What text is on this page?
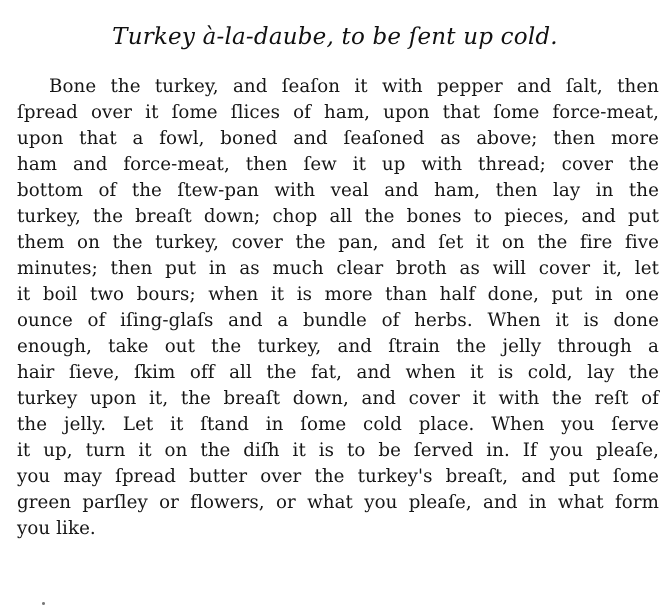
Turkey à-la-daube, to be ſent up cold.
Bone the turkey, and ſeaſon it with pepper and ſalt, then
ſpread over it ſome ſlices of ham, upon that ſome force-meat,
upon that a fowl, boned and ſeaſoned as above; then more
ham and force-meat, then ſew it up with thread; cover the
bottom of the ſtew-pan with veal and ham, then lay in the
turkey, the breaſt down; chop all the bones to pieces, and put
them on the turkey, cover the pan, and ſet it on the fire five
minutes; then put in as much clear broth as will cover it, let
it boil two bours; when it is more than half done, put in one
ounce of iſing-glaſs and a bundle of herbs. When it is done
enough, take out the turkey, and ſtrain the jelly through a
hair ſieve, ſkim off all the fat, and when it is cold, lay the
turkey upon it, the breaſt down, and cover it with the reſt of
the jelly. Let it ſtand in ſome cold place. When you ſerve
it up, turn it on the diſh it is to be ſerved in. If you pleaſe,
you may ſpread butter over the turkey's breaſt, and put ſome
green parſley or flowers, or what you pleaſe, and in what form
you like.
